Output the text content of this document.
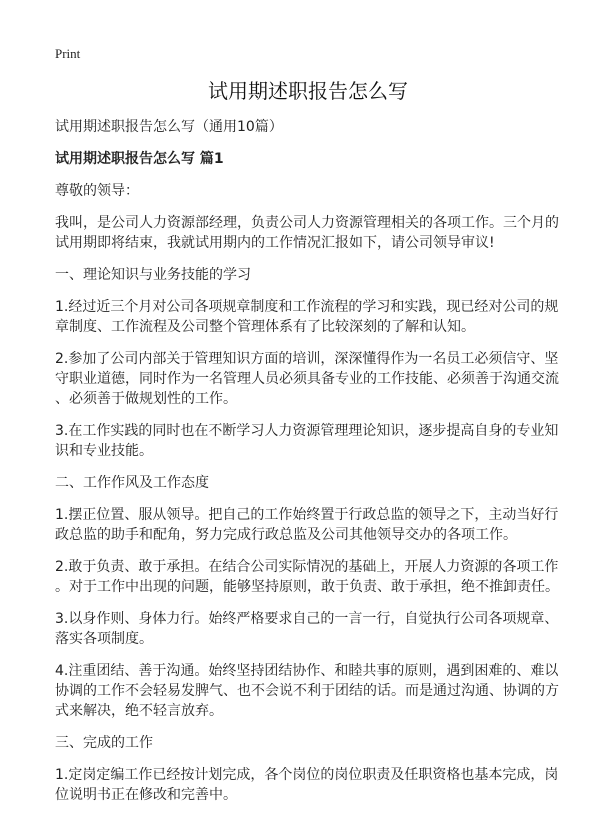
Print
试用期述职报告怎么写

试用期述职报告怎么写（通用10篇）

试用期述职报告怎么写 篇1

尊敬的领导：

我叫，是公司人力资源部经理，负责公司人力资源管理相关的各项工作。三个月的试用期即将结束，我就试用期内的工作情况汇报如下，请公司领导审议!

一、理论知识与业务技能的学习

1.经过近三个月对公司各项规章制度和工作流程的学习和实践，现已经对公司的规章制度、工作流程及公司整个管理体系有了比较深刻的了解和认知。

2.参加了公司内部关于管理知识方面的培训，深深懂得作为一名员工必须信守、坚守职业道德，同时作为一名管理人员必须具备专业的工作技能、必须善于沟通交流、必须善于做规划性的工作。

3.在工作实践的同时也在不断学习人力资源管理理论知识，逐步提高自身的专业知识和专业技能。

二、工作作风及工作态度

1.摆正位置、服从领导。把自己的工作始终置于行政总监的领导之下，主动当好行政总监的助手和配角，努力完成行政总监及公司其他领导交办的各项工作。

2.敢于负责、敢于承担。在结合公司实际情况的基础上，开展人力资源的各项工作。对于工作中出现的问题，能够坚持原则，敢于负责、敢于承担，绝不推卸责任。

3.以身作则、身体力行。始终严格要求自己的一言一行，自觉执行公司各项规章、落实各项制度。

4.注重团结、善于沟通。始终坚持团结协作、和睦共事的原则，遇到困难的、难以协调的工作不会轻易发脾气、也不会说不利于团结的话。而是通过沟通、协调的方式来解决，绝不轻言放弃。

三、完成的工作

1.定岗定编工作已经按计划完成，各个岗位的岗位职责及任职资格也基本完成，岗位说明书正在修改和完善中。
